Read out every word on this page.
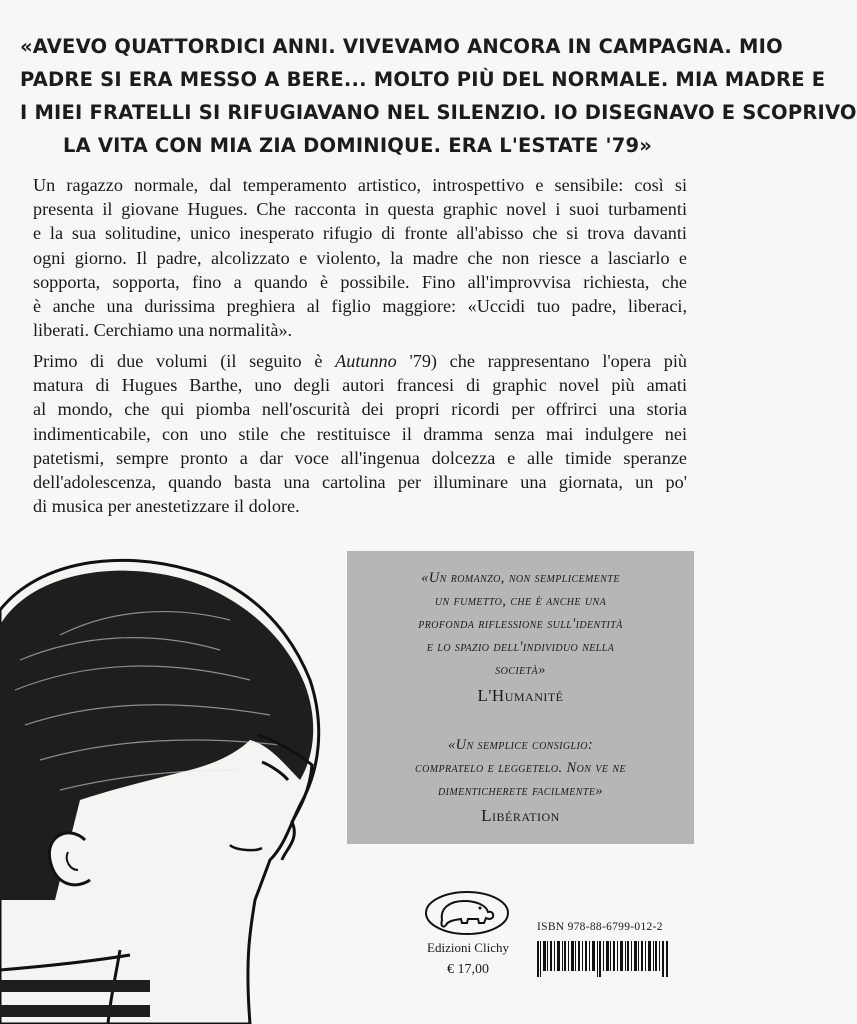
«AVEVO QUATTORDICI ANNI. VIVEVAMO ANCORA IN CAMPAGNA. MIO
PADRE SI ERA MESSO A BERE... MOLTO PIÙ DEL NORMALE. MIA MADRE E
I MIEI FRATELLI SI RIFUGIAVANO NEL SILENZIO. IO DISEGNAVO E SCOPRIVO
LA VITA CON MIA ZIA DOMINIQUE. ERA L'ESTATE '79»
Un ragazzo normale, dal temperamento artistico, introspettivo e sensibile: così si
presenta il giovane Hugues. Che racconta in questa graphic novel i suoi turbamenti
e la sua solitudine, unico inesperato rifugio di fronte all'abisso che si trova davanti
ogni giorno. Il padre, alcolizzato e violento, la madre che non riesce a lasciarlo e
sopporta, sopporta, fino a quando è possibile. Fino all'improvvisa richiesta, che
è anche una durissima preghiera al figlio maggiore: «Uccidi tuo padre, liberaci,
liberati. Cerchiamo una normalità».
Primo di due volumi (il seguito è Autunno '79) che rappresentano l'opera più
matura di Hugues Barthe, uno degli autori francesi di graphic novel più amati
al mondo, che qui piomba nell'oscurità dei propri ricordi per offrirci una storia
indimenticabile, con uno stile che restituisce il dramma senza mai indulgere nei
patetismi, sempre pronto a dar voce all'ingenua dolcezza e alle timide speranze
dell'adolescenza, quando basta una cartolina per illuminare una giornata, un po'
di musica per anestetizzare il dolore.
«Un romanzo, non semplicemente
un fumetto, che è anche una
profonda riflessione sull'identità
e lo spazio dell'individuo nella
società»
L'Humanité
«Un semplice consiglio:
compratelo e leggetelo. Non ve ne
dimenticherete facilmente»
Libération
Edizioni Clichy
€ 17,00
ISBN 978-88-6799-012-2
